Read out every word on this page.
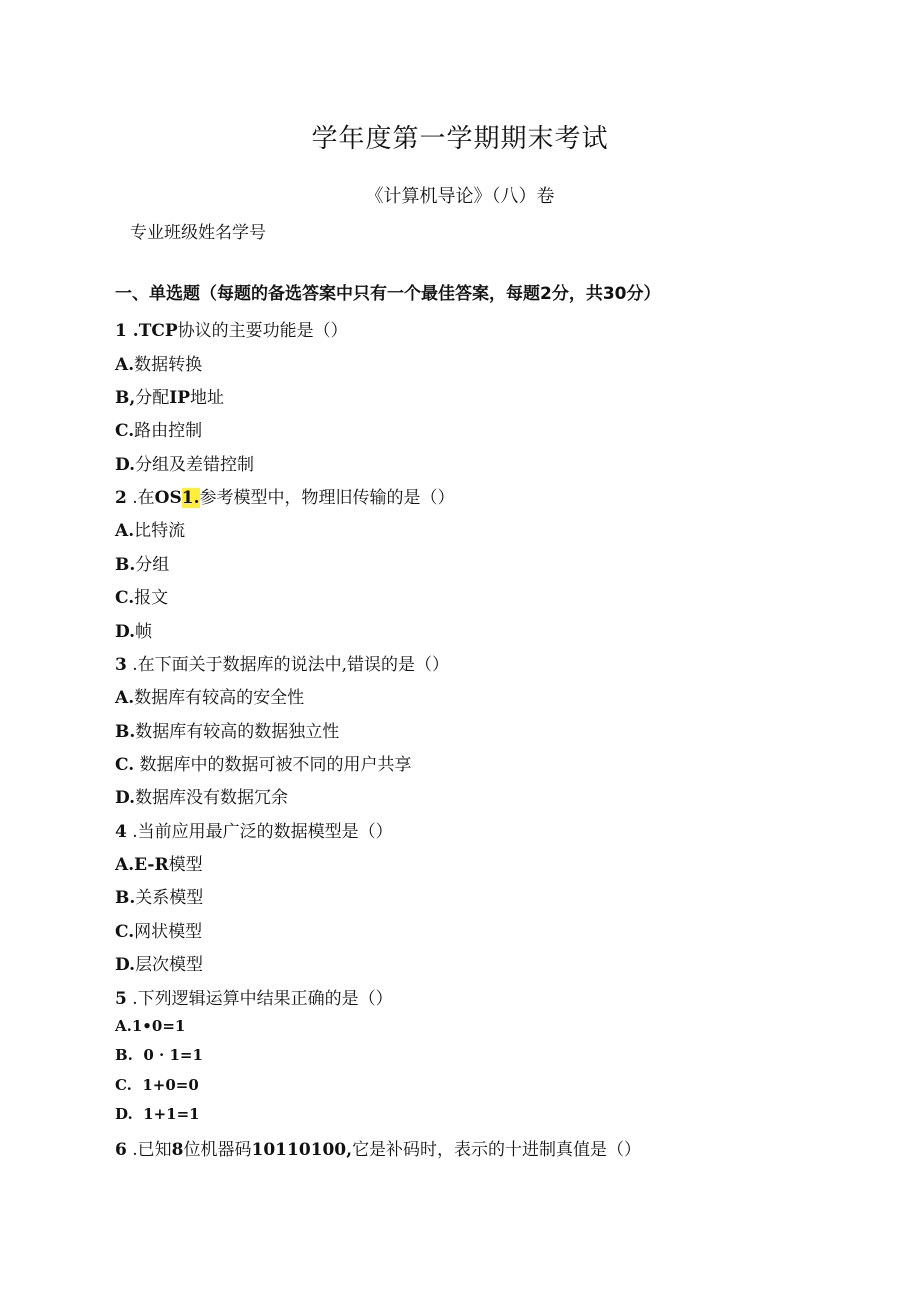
学年度第一学期期末考试
《计算机导论》（八）卷
专业班级姓名学号
一、单选题（每题的备选答案中只有一个最佳答案，每题2分，共30分）
1 .TCP协议的主要功能是（）
A.数据转换
B,分配IP地址
C.路由控制
D.分组及差错控制
2 .在OS1.参考模型中，物理旧传输的是（）
A.比特流
B.分组
C.报文
D.帧
3 .在下面关于数据库的说法中,错误的是（）
A.数据库有较高的安全性
B.数据库有较高的数据独立性
C. 数据库中的数据可被不同的用户共享
D.数据库没有数据冗余
4 .当前应用最广泛的数据模型是（）
A.E-R模型
B.关系模型
C.网状模型
D.层次模型
5 .下列逻辑运算中结果正确的是（）
A.1•0=1
B.  0 · 1=1
C.  1+0=0
D.  1+1=1
6 .已知8位机器码10110100,它是补码时，表示的十进制真值是（）
